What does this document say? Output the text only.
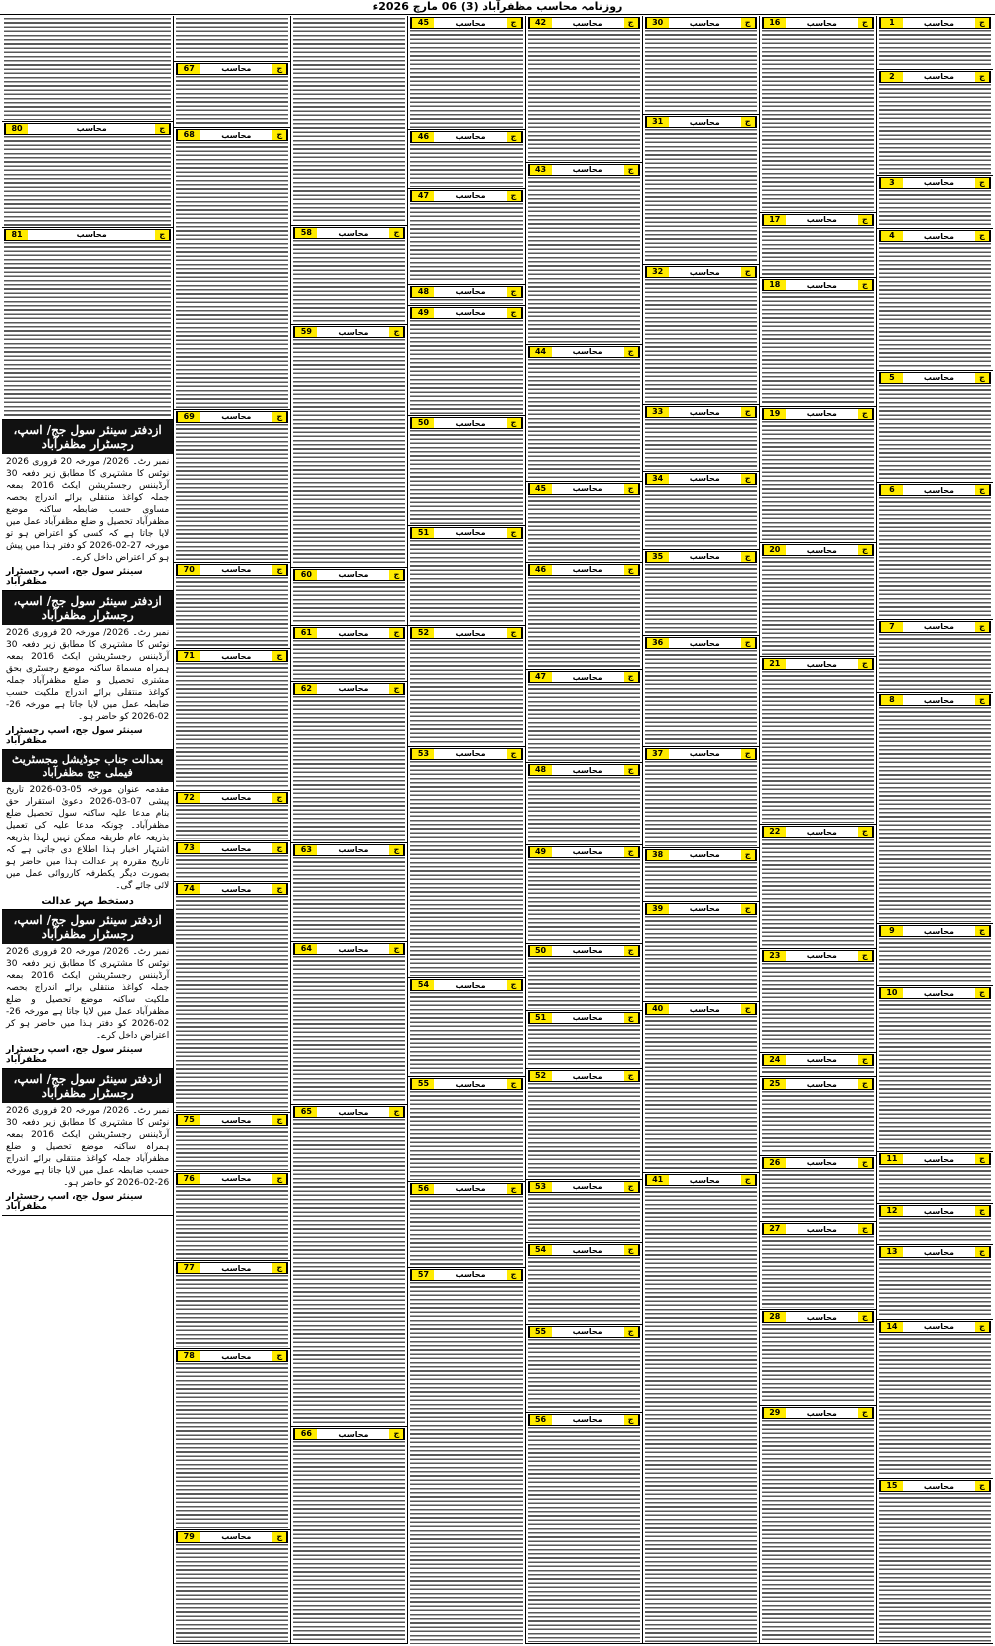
روزنامہ محاسب مظفرآباد (3) 06 مارچ 2026ء
1	محاسب	ج
2	محاسب	ج
3	محاسب	ج
4	محاسب	ج
5	محاسب	ج
6	محاسب	ج
7	محاسب	ج
8	محاسب	ج
9	محاسب	ج
10	محاسب	ج
11	محاسب	ج
12	محاسب	ج
13	محاسب	ج
14	محاسب	ج
15	محاسب	ج
16	محاسب	ج
17	محاسب	ج
18	محاسب	ج
19	محاسب	ج
20	محاسب	ج
21	محاسب	ج
22	محاسب	ج
23	محاسب	ج
24	محاسب	ج
25	محاسب	ج
26	محاسب	ج
27	محاسب	ج
28	محاسب	ج
29	محاسب	ج
30	محاسب	ج
31	محاسب	ج
32	محاسب	ج
33	محاسب	ج
34	محاسب	ج
35	محاسب	ج
36	محاسب	ج
37	محاسب	ج
38	محاسب	ج
39	محاسب	ج
40	محاسب	ج
41	محاسب	ج
42	محاسب	ج
43	محاسب	ج
44	محاسب	ج
45	محاسب	ج
46	محاسب	ج
47	محاسب	ج
48	محاسب	ج
49	محاسب	ج
50	محاسب	ج
51	محاسب	ج
52	محاسب	ج
53	محاسب	ج
54	محاسب	ج
55	محاسب	ج
56	محاسب	ج
45	محاسب	ج
46	محاسب	ج
47	محاسب	ج
48	محاسب	ج
49	محاسب	ج
50	محاسب	ج
51	محاسب	ج
52	محاسب	ج
53	محاسب	ج
54	محاسب	ج
55	محاسب	ج
56	محاسب	ج
57	محاسب	ج
58	محاسب	ج
59	محاسب	ج
60	محاسب	ج
61	محاسب	ج
62	محاسب	ج
63	محاسب	ج
64	محاسب	ج
65	محاسب	ج
66	محاسب	ج
67	محاسب	ج
68	محاسب	ج
69	محاسب	ج
70	محاسب	ج
71	محاسب	ج
72	محاسب	ج
73	محاسب	ج
74	محاسب	ج
75	محاسب	ج
76	محاسب	ج
77	محاسب	ج
78	محاسب	ج
79	محاسب	ج
80	محاسب	ج
81	محاسب	ج
ازدفتر سینئر سول جج/ اسپ، رجسٹرار مظفرآباد
نمبر رٹ۔ 2026/ مورخہ 20 فروری 2026 نوٹس کا مشتہری کا مطابق زیر دفعہ 30 آرڈیننس رجسٹریشن ایکٹ 2016 بمعہ جملہ کواغذ منتقلی برائے اندراج بحصہ مساوی حسب ضابطہ ساکنہ موضع مظفرآباد تحصیل و ضلع مظفرآباد عمل میں لایا جاتا ہے کہ کسی کو اعتراض ہو تو مورخہ 27-02-2026 کو دفتر ہذا میں پیش ہو کر اعتراض داخل کرے۔
سینئر سول جج، اسپ رجسٹرار مظفرآباد
ازدفتر سینئر سول جج/ اسپ، رجسٹرار مظفرآباد
نمبر رٹ۔ 2026/ مورخہ 20 فروری 2026 نوٹس کا مشتہری کا مطابق زیر دفعہ 30 آرڈیننس رجسٹریشن ایکٹ 2016 بمعہ ہمراہ مسماۃ ساکنہ موضع رجسٹری بحق مشتری تحصیل و ضلع مظفرآباد جملہ کواغذ منتقلی برائے اندراج ملکیت حسب ضابطہ عمل میں لایا جاتا ہے مورخہ 26-02-2026 کو حاضر ہو۔
سینئر سول جج، اسپ رجسٹرار مظفرآباد
بعدالت جناب جوڈیشل مجسٹریٹ فیملی جج مظفرآباد
مقدمہ عنوان مورخہ 05-03-2026 تاریخ پیشی 07-03-2026 دعویٰ استقرار حق بنام مدعا علیہ ساکنہ سول تحصیل ضلع مظفرآباد۔ چونکہ مدعا علیہ کی تعمیل بذریعہ عام طریقہ ممکن نہیں لہذا بذریعہ اشتہار اخبار ہذا اطلاع دی جاتی ہے کہ تاریخ مقررہ پر عدالت ہذا میں حاضر ہو بصورت دیگر یکطرفہ کارروائی عمل میں لائی جائے گی۔
دستخط مہر عدالت
ازدفتر سینئر سول جج/ اسپ، رجسٹرار مظفرآباد
نمبر رٹ۔ 2026/ مورخہ 20 فروری 2026 نوٹس کا مشتہری کا مطابق زیر دفعہ 30 آرڈیننس رجسٹریشن ایکٹ 2016 بمعہ جملہ کواغذ منتقلی برائے اندراج بحصہ ملکیت ساکنہ موضع تحصیل و ضلع مظفرآباد عمل میں لایا جاتا ہے مورخہ 26-02-2026 کو دفتر ہذا میں حاضر ہو کر اعتراض داخل کرے۔
سینئر سول جج، اسپ رجسٹرار مظفرآباد
ازدفتر سینئر سول جج/ اسپ، رجسٹرار مظفرآباد
نمبر رٹ۔ 2026/ مورخہ 20 فروری 2026 نوٹس کا مشتہری کا مطابق زیر دفعہ 30 آرڈیننس رجسٹریشن ایکٹ 2016 بمعہ ہمراہ ساکنہ موضع تحصیل و ضلع مظفرآباد جملہ کواغذ منتقلی برائے اندراج حسب ضابطہ عمل میں لایا جاتا ہے مورخہ 26-02-2026 کو حاضر ہو۔
سینئر سول جج، اسپ رجسٹرار مظفرآباد
